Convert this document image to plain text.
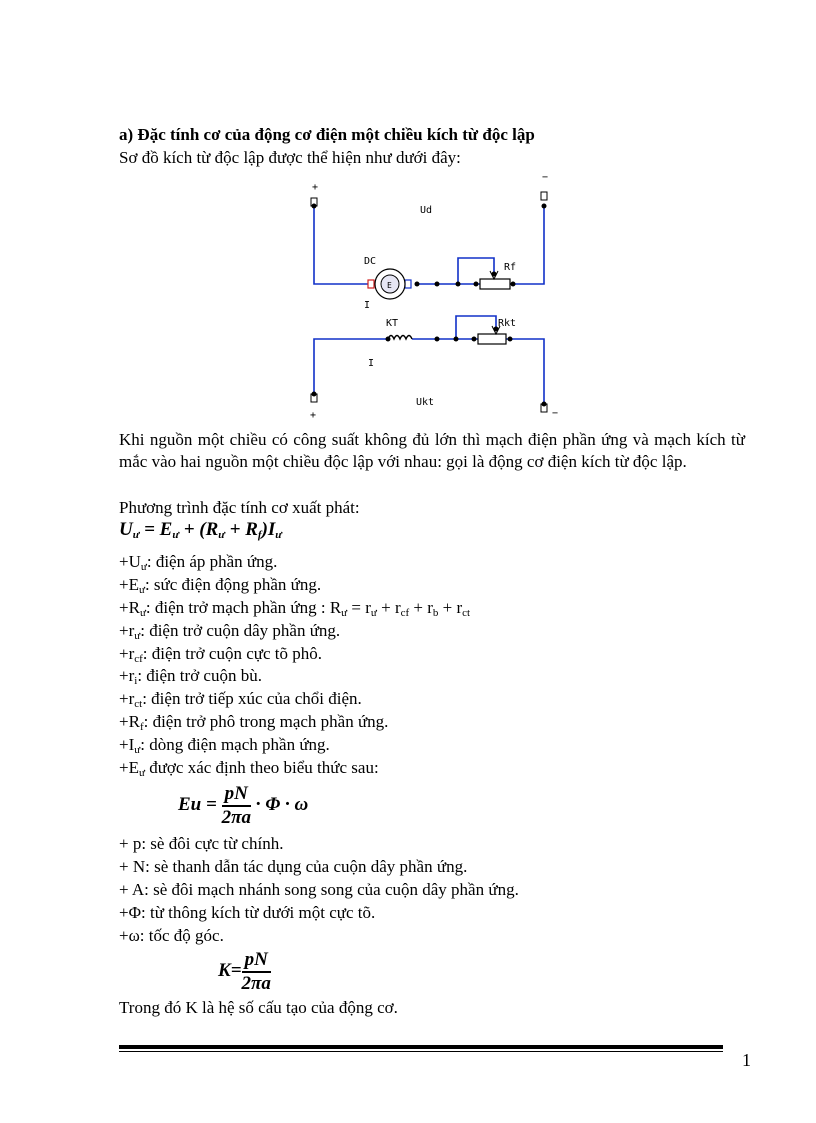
a) Đặc tính cơ của động cơ điện một chiều kích từ độc lập
Sơ đồ kích từ độc lập được thể hiện như dưới đây:
+
−
Ud
DC
E
I
Rf
KT	Rkt
I
Ukt
+	−
Khi nguồn một chiều có công suất không đủ lớn thì mạch điện phần ứng và mạch kích từ mắc vào hai nguồn một chiều độc lập với nhau: gọi là động cơ điện kích từ độc lập.
Phương trình đặc tính cơ xuất phát:
$U_ư = E_ư + (R_ư + R_f)I_ư$
$+U_ư$: điện áp phần ứng.
$+E_ư$: sức điện động phần ứng.
$+R_ư$: điện trở mạch phần ứng : $R_ư = r_ư + r_{cf} + r_b + r_{ct}$
$+r_ư$: điện trở cuộn dây phần ứng.
$+r_{cf}$: điện trở cuộn cực tõ phô.
$+r_i$: điện trở cuộn bù.
$+r_{ct}$: điện trở tiếp xúc của chổi điện.
$+R_f$: điện trở phô trong mạch phần ứng.
$+I_ư$: dòng điện mạch phần ứng.
$+E_ư$ được xác định theo biểu thức sau:
$Eu = \frac{pN}{2\pi a} \cdot \Phi \cdot \omega$
+ p: sè đôi cực từ chính.
+ N: sè thanh dẫn tác dụng của cuộn dây phần ứng.
+ A: sè đôi mạch nhánh song song của cuộn dây phần ứng.
+Φ: từ thông kích từ dưới một cực tõ.
+ω: tốc độ góc.
$K= \frac{pN}{2\pi a}$
Trong đó K là hệ số cấu tạo của động cơ.
1
